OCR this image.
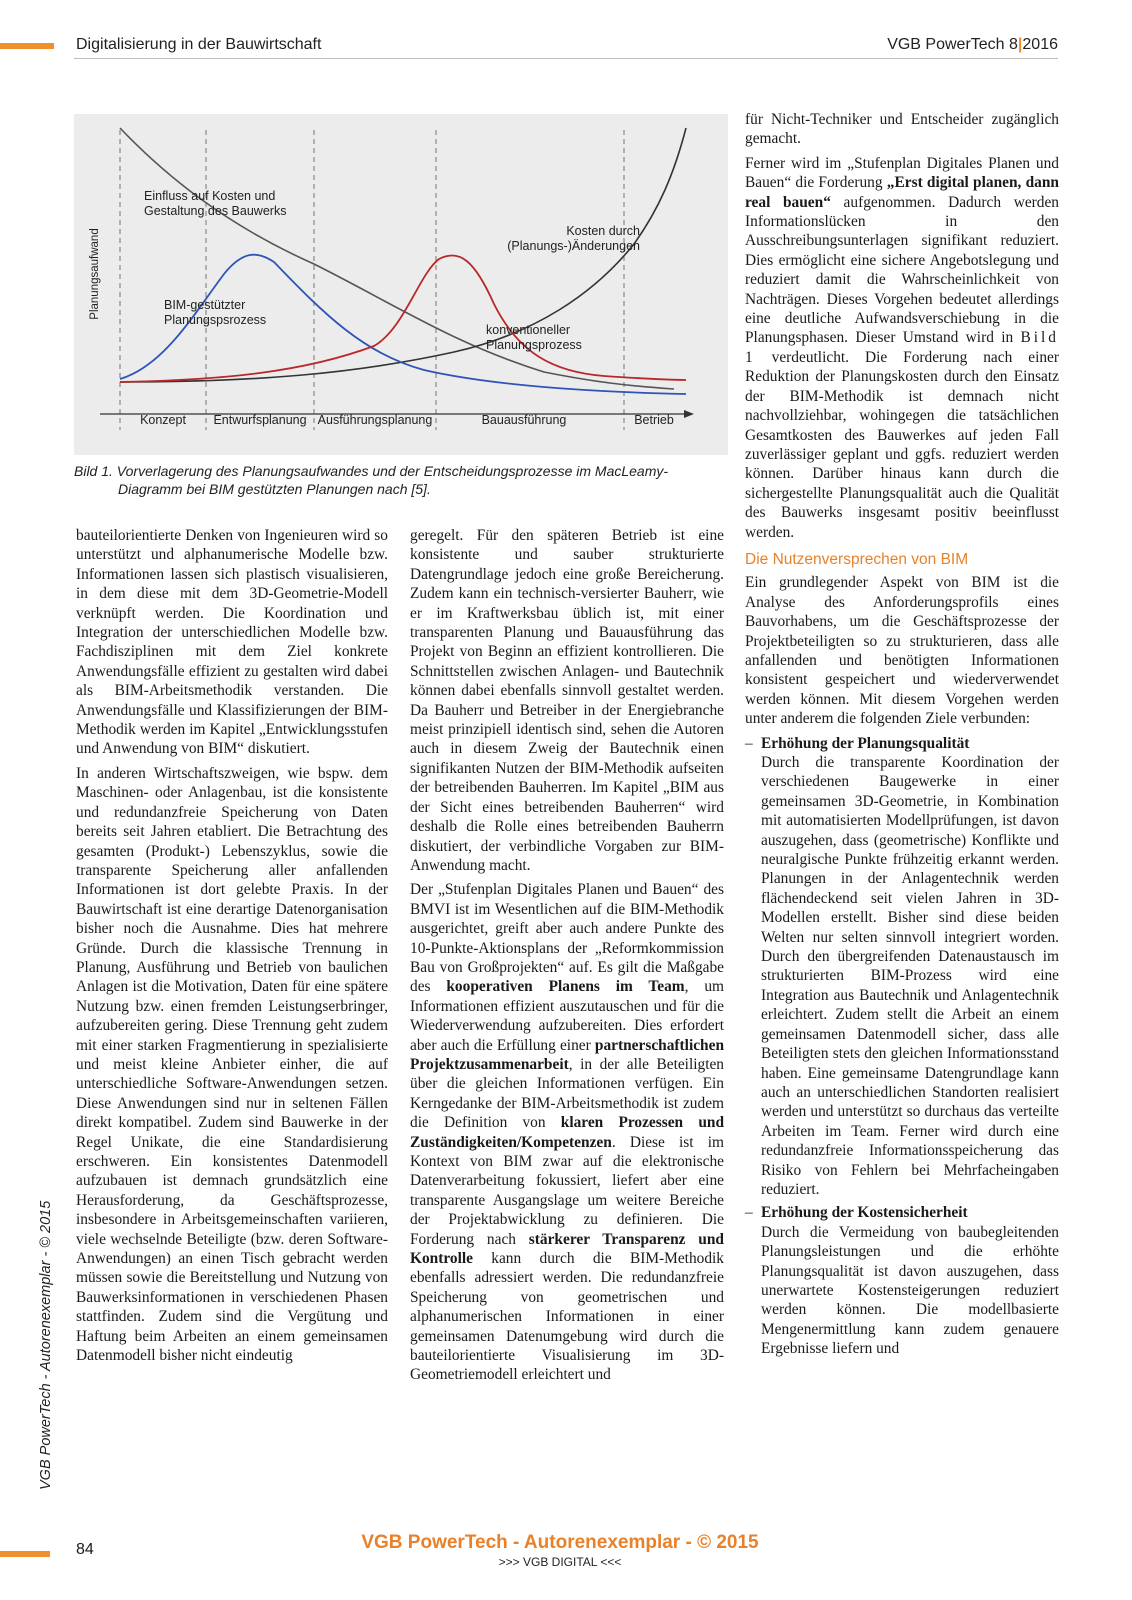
Digitalisierung in der Bauwirtschaft	VGB PowerTech 8|2016
Planungsaufwand
Einfluss auf Kosten und
Gestaltung des Bauwerks
Kosten durch
(Planungs-)Änderungen
BIM-gestützter
Planungspsrozess
konventioneller
Planungsprozess
Konzept Entwurfsplanung Ausführungsplanung	Bauausführung	Betrieb
Bild 1. Vorverlagerung des Planungsaufwandes und der Entscheidungsprozesse im MacLeamy-
Diagramm bei BIM gestützten Planungen nach [5].

bauteilorientierte Denken von Ingenieuren wird so unterstützt und alphanumerische Modelle bzw. Informationen lassen sich plastisch visualisieren, in dem diese mit dem 3D-Geometrie-Modell verknüpft werden. Die Koordination und Integration der unterschiedlichen Modelle bzw. Fachdisziplinen mit dem Ziel konkrete Anwendungsfälle effizient zu gestalten wird dabei als BIM-Arbeitsmethodik verstanden. Die Anwendungsfälle und Klassifizierungen der BIM-Methodik werden im Kapitel „Entwicklungsstufen und Anwendung von BIM“ diskutiert.

In anderen Wirtschaftszweigen, wie bspw. dem Maschinen- oder Anlagenbau, ist die konsistente und redundanzfreie Speicherung von Daten bereits seit Jahren etabliert. Die Betrachtung des gesamten (Produkt-) Lebenszyklus, sowie die transparente Speicherung aller anfallenden Informationen ist dort gelebte Praxis. In der Bauwirtschaft ist eine derartige Datenorganisation bisher noch die Ausnahme. Dies hat mehrere Gründe. Durch die klassische Trennung in Planung, Ausführung und Betrieb von baulichen Anlagen ist die Motivation, Daten für eine spätere Nutzung bzw. einen fremden Leistungserbringer, aufzubereiten gering. Diese Trennung geht zudem mit einer starken Fragmentierung in spezialisierte und meist kleine Anbieter einher, die auf unterschiedliche Software-Anwendungen setzen. Diese Anwendungen sind nur in seltenen Fällen direkt kompatibel. Zudem sind Bauwerke in der Regel Unikate, die eine Standardisierung erschweren. Ein konsistentes Datenmodell aufzubauen ist demnach grundsätzlich eine Herausforderung, da Geschäftsprozesse, insbesondere in Arbeitsgemeinschaften variieren, viele wechselnde Beteiligte (bzw. deren Software-Anwendungen) an einen Tisch gebracht werden müssen sowie die Bereitstellung und Nutzung von Bauwerksinformationen in verschiedenen Phasen stattfinden. Zudem sind die Vergütung und Haftung beim Arbeiten an einem gemeinsamen Datenmodell bisher nicht eindeutig

geregelt. Für den späteren Betrieb ist eine konsistente und sauber strukturierte Datengrundlage jedoch eine große Bereicherung. Zudem kann ein technisch-versierter Bauherr, wie er im Kraftwerksbau üblich ist, mit einer transparenten Planung und Bauausführung das Projekt von Beginn an effizient kontrollieren. Die Schnittstellen zwischen Anlagen- und Bautechnik können dabei ebenfalls sinnvoll gestaltet werden. Da Bauherr und Betreiber in der Energiebranche meist prinzipiell identisch sind, sehen die Autoren auch in diesem Zweig der Bautechnik einen signifikanten Nutzen der BIM-Methodik aufseiten der betreibenden Bauherren. Im Kapitel „BIM aus der Sicht eines betreibenden Bauherren“ wird deshalb die Rolle eines betreibenden Bauherrn diskutiert, der verbindliche Vorgaben zur BIM-Anwendung macht.

Der „Stufenplan Digitales Planen und Bauen“ des BMVI ist im Wesentlichen auf die BIM-Methodik ausgerichtet, greift aber auch andere Punkte des 10-Punkte-Aktionsplans der „Reformkommission Bau von Großprojekten“ auf. Es gilt die Maßgabe des kooperativen Planens im Team, um Informationen effizient auszutauschen und für die Wiederverwendung aufzubereiten. Dies erfordert aber auch die Erfüllung einer partnerschaftlichen Projektzusammenarbeit, in der alle Beteiligten über die gleichen Informationen verfügen. Ein Kerngedanke der BIM-Arbeitsmethodik ist zudem die Definition von klaren Prozessen und Zuständigkeiten/Kompetenzen. Diese ist im Kontext von BIM zwar auf die elektronische Datenverarbeitung fokussiert, liefert aber eine transparente Ausgangslage um weitere Bereiche der Projektabwicklung zu definieren. Die Forderung nach stärkerer Transparenz und Kontrolle kann durch die BIM-Methodik ebenfalls adressiert werden. Die redundanzfreie Speicherung von geometrischen und alphanumerischen Informationen in einer gemeinsamen Datenumgebung wird durch die bauteilorientierte Visualisierung im 3D-Geometriemodell erleichtert und

für Nicht-Techniker und Entscheider zugänglich gemacht.

Ferner wird im „Stufenplan Digitales Planen und Bauen“ die Forderung „Erst digital planen, dann real bauen“ aufgenommen. Dadurch werden Informationslücken in den Ausschreibungsunterlagen signifikant reduziert. Dies ermöglicht eine sichere Angebotslegung und reduziert damit die Wahrscheinlichkeit von Nachträgen. Dieses Vorgehen bedeutet allerdings eine deutliche Aufwandsverschiebung in die Planungsphasen. Dieser Umstand wird in Bild 1 verdeutlicht. Die Forderung nach einer Reduktion der Planungskosten durch den Einsatz der BIM-Methodik ist demnach nicht nachvollziehbar, wohingegen die tatsächlichen Gesamtkosten des Bauwerkes auf jeden Fall zuverlässiger geplant und ggfs. reduziert werden können. Darüber hinaus kann durch die sichergestellte Planungsqualität auch die Qualität des Bauwerks insgesamt positiv beeinflusst werden.

Die Nutzenversprechen von BIM

Ein grundlegender Aspekt von BIM ist die Analyse des Anforderungsprofils eines Bauvorhabens, um die Geschäftsprozesse der Projektbeteiligten so zu strukturieren, dass alle anfallenden und benötigten Informationen konsistent gespeichert und wiederverwendet werden können. Mit diesem Vorgehen werden unter anderem die folgenden Ziele verbunden:

– Erhöhung der Planungsqualität
Durch die transparente Koordination der verschiedenen Baugewerke in einer gemeinsamen 3D-Geometrie, in Kombination mit automatisierten Modellprüfungen, ist davon auszugehen, dass (geometrische) Konflikte und neuralgische Punkte frühzeitig erkannt werden. Planungen in der Anlagentechnik werden flächendeckend seit vielen Jahren in 3D-Modellen erstellt. Bisher sind diese beiden Welten nur selten sinnvoll integriert worden. Durch den übergreifenden Datenaustausch im strukturierten BIM-Prozess wird eine Integration aus Bautechnik und Anlagentechnik erleichtert. Zudem stellt die Arbeit an einem gemeinsamen Datenmodell sicher, dass alle Beteiligten stets den gleichen Informationsstand haben. Eine gemeinsame Datengrundlage kann auch an unterschiedlichen Standorten realisiert werden und unterstützt so durchaus das verteilte Arbeiten im Team. Ferner wird durch eine redundanzfreie Informationsspeicherung das Risiko von Fehlern bei Mehrfacheingaben reduziert.
– Erhöhung der Kostensicherheit
Durch die Vermeidung von baubegleitenden Planungsleistungen und die erhöhte Planungsqualität ist davon auszugehen, dass unerwartete Kostensteigerungen reduziert werden können. Die modellbasierte Mengenermittlung kann zudem genauere Ergebnisse liefern und
VGB PowerTech - Autorenexemplar - © 2015
84	VGB PowerTech - Autorenexemplar - © 2015
>>> VGB DIGITAL <<<
